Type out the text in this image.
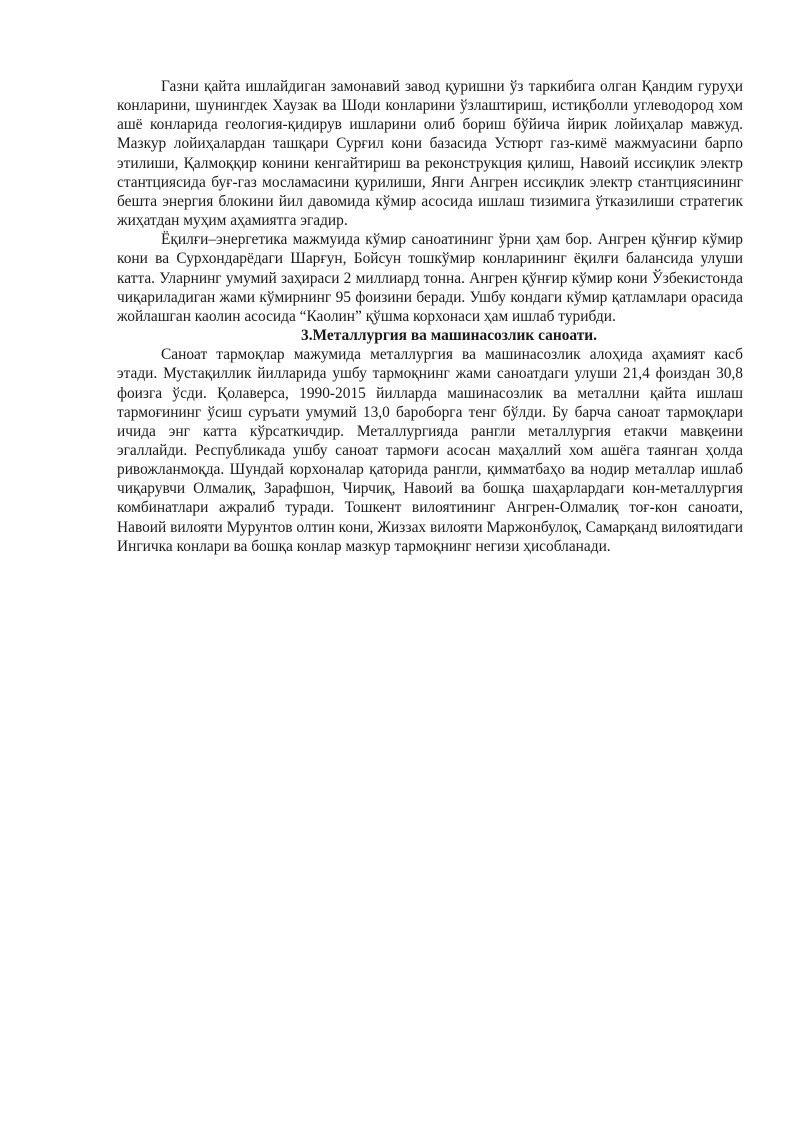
Газни қайта ишлайдиган замонавий завод қуришни ўз таркибига олган Қандим гуруҳи конларини, шунингдек Хаузак ва Шоди конларини ўзлаштириш, истиқболли углеводород хом ашё конларида геология-қидирув ишларини олиб бориш бўйича йирик лойиҳалар мавжуд. Мазкур лойиҳалардан ташқари Сурғил кони базасида Устюрт газ-кимё мажмуасини барпо этилиши, Қалмоққир конини кенгайтириш ва реконструкция қилиш, Навоий иссиқлик электр стантциясида буғ-газ мосламасини қурилиши, Янги Ангрен иссиқлик электр стантциясининг бешта энергия блокини йил давомида кўмир асосида ишлаш тизимига ўтказилиши стратегик жиҳатдан муҳим аҳамиятга эгадир.

Ёқилғи–энергетика мажмуида кўмир саноатининг ўрни ҳам бор. Ангрен қўнғир кўмир кони ва Сурхондарёдаги Шарғун, Бойсун тошкўмир конларининг ёқилғи балансида улуши катта. Уларнинг умумий заҳираси 2 миллиард тонна. Ангрен қўнғир кўмир кони Ўзбекистонда чиқариладиган жами кўмирнинг 95 фоизини беради. Ушбу кондаги кўмир қатламлари орасида жойлашган каолин асосида “Каолин” қўшма корхонаси ҳам ишлаб турибди.

3.Металлургия ва машинасозлик саноати.

Саноат тармоқлар мажумида металлургия ва машинасозлик алоҳида аҳамият касб этади. Мустақиллик йилларида ушбу тармоқнинг жами саноатдаги улуши 21,4 фоиздан 30,8 фоизга ўсди. Қолаверса, 1990-2015 йилларда машинасозлик ва металлни қайта ишлаш тармоғининг ўсиш суръати умумий 13,0 бароборга тенг бўлди. Бу барча саноат тармоқлари ичида энг катта кўрсаткичдир. Металлургияда рангли металлургия етакчи мавқеини эгаллайди. Республикада ушбу саноат тармоғи асосан маҳаллий хом ашёга таянган ҳолда ривожланмоқда. Шундай корхоналар қаторида рангли, қимматбаҳо ва нодир металлар ишлаб чиқарувчи Олмалиқ, Зарафшон, Чирчиқ, Навоий ва бошқа шаҳарлардаги кон-металлургия комбинатлари ажралиб туради. Тошкент вилоятининг Ангрен-Олмалиқ тоғ-кон саноати, Навоий вилояти Мурунтов олтин кони, Жиззах вилояти Маржонбулоқ, Самарқанд вилоятидаги Ингичка конлари ва бошқа конлар мазкур тармоқнинг негизи ҳисобланади.
